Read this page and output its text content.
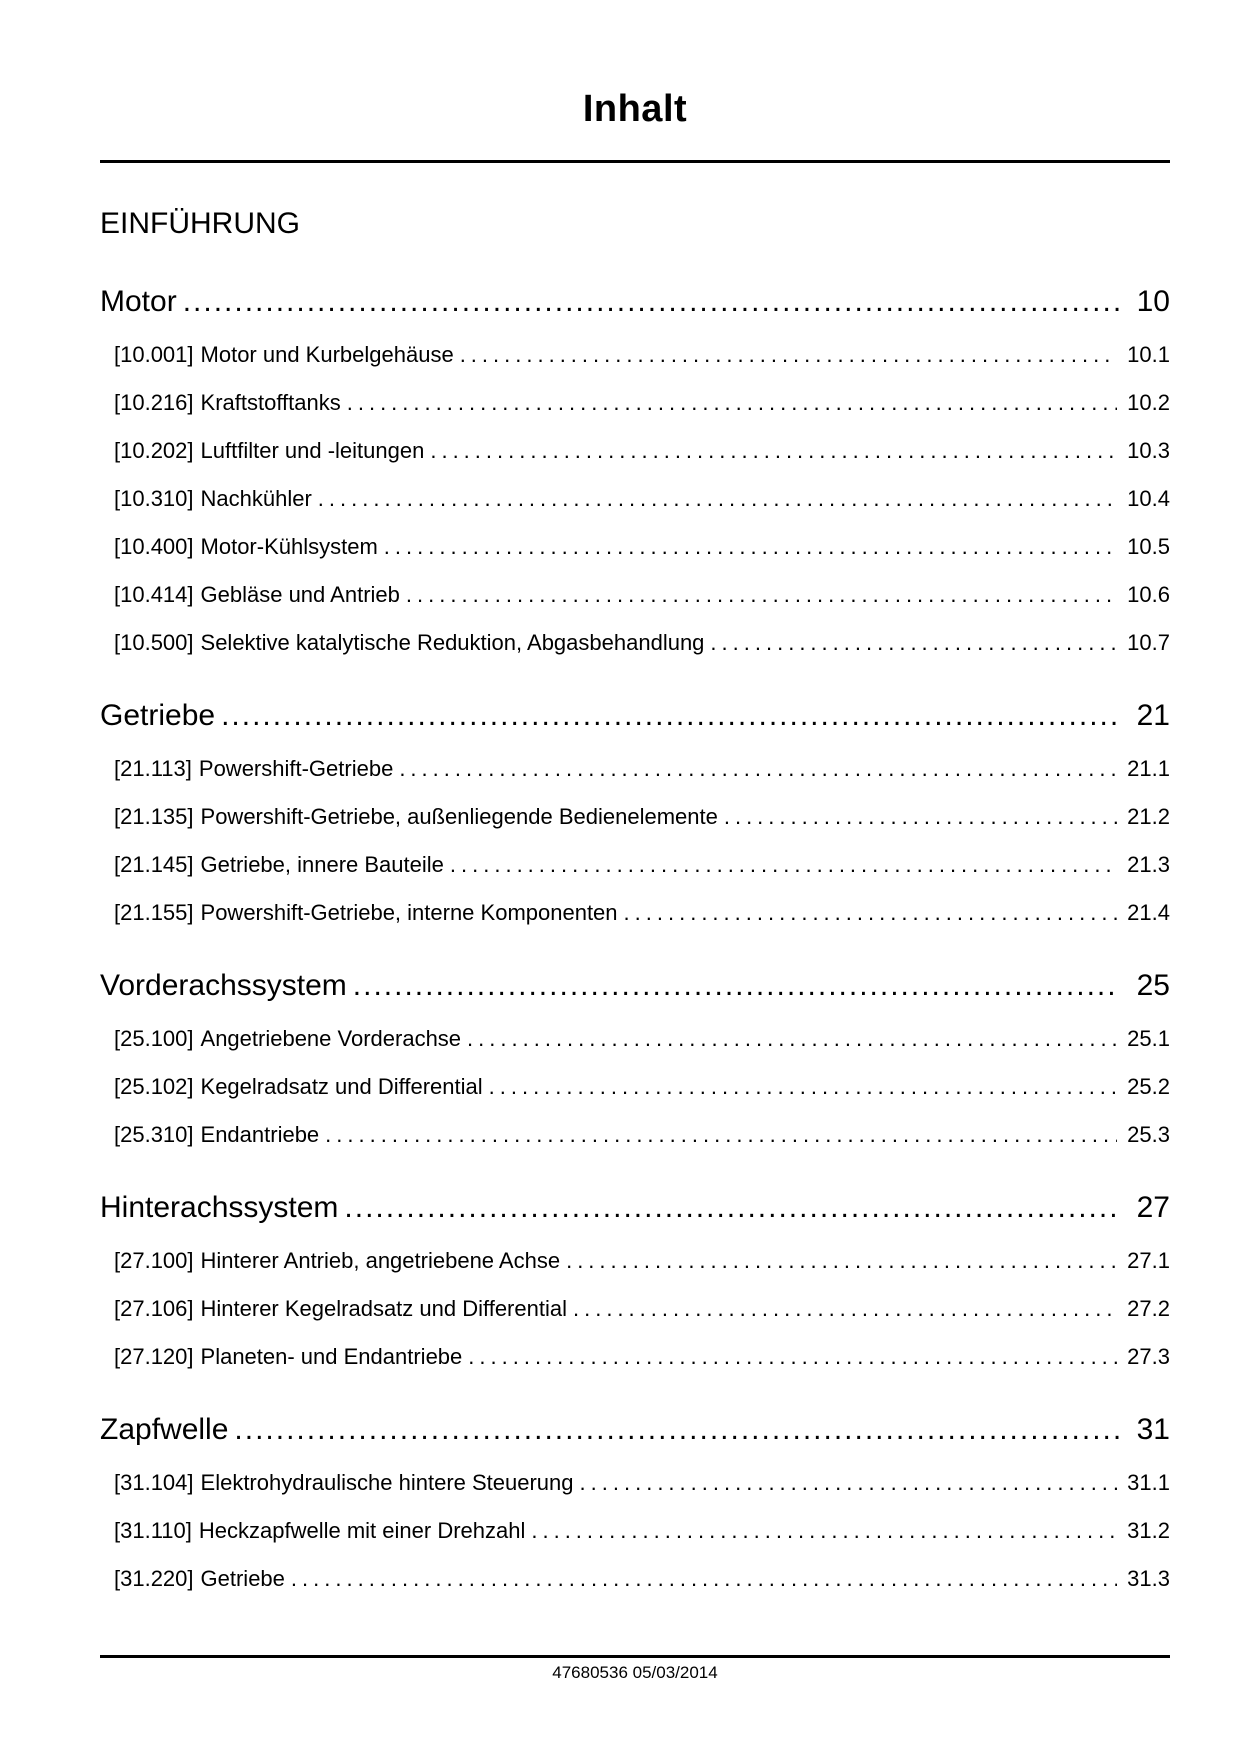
Inhalt
EINFÜHRUNG
Motor .....	10
[10.001] Motor und Kurbelgehäuse .....	10.1
[10.216] Kraftstofftanks .....	10.2
[10.202] Luftfilter und -leitungen .....	10.3
[10.310] Nachkühler .....	10.4
[10.400] Motor-Kühlsystem .....	10.5
[10.414] Gebläse und Antrieb .....	10.6
[10.500] Selektive katalytische Reduktion, Abgasbehandlung .....	10.7
Getriebe .....	21
[21.113] Powershift-Getriebe .....	21.1
[21.135] Powershift-Getriebe, außenliegende Bedienelemente .....	21.2
[21.145] Getriebe, innere Bauteile .....	21.3
[21.155] Powershift-Getriebe, interne Komponenten .....	21.4
Vorderachssystem .....	25
[25.100] Angetriebene Vorderachse .....	25.1
[25.102] Kegelradsatz und Differential .....	25.2
[25.310] Endantriebe .....	25.3
Hinterachssystem .....	27
[27.100] Hinterer Antrieb, angetriebene Achse .....	27.1
[27.106] Hinterer Kegelradsatz und Differential .....	27.2
[27.120] Planeten- und Endantriebe .....	27.3
Zapfwelle .....	31
[31.104] Elektrohydraulische hintere Steuerung .....	31.1
[31.110] Heckzapfwelle mit einer Drehzahl .....	31.2
[31.220] Getriebe .....	31.3
47680536 05/03/2014
